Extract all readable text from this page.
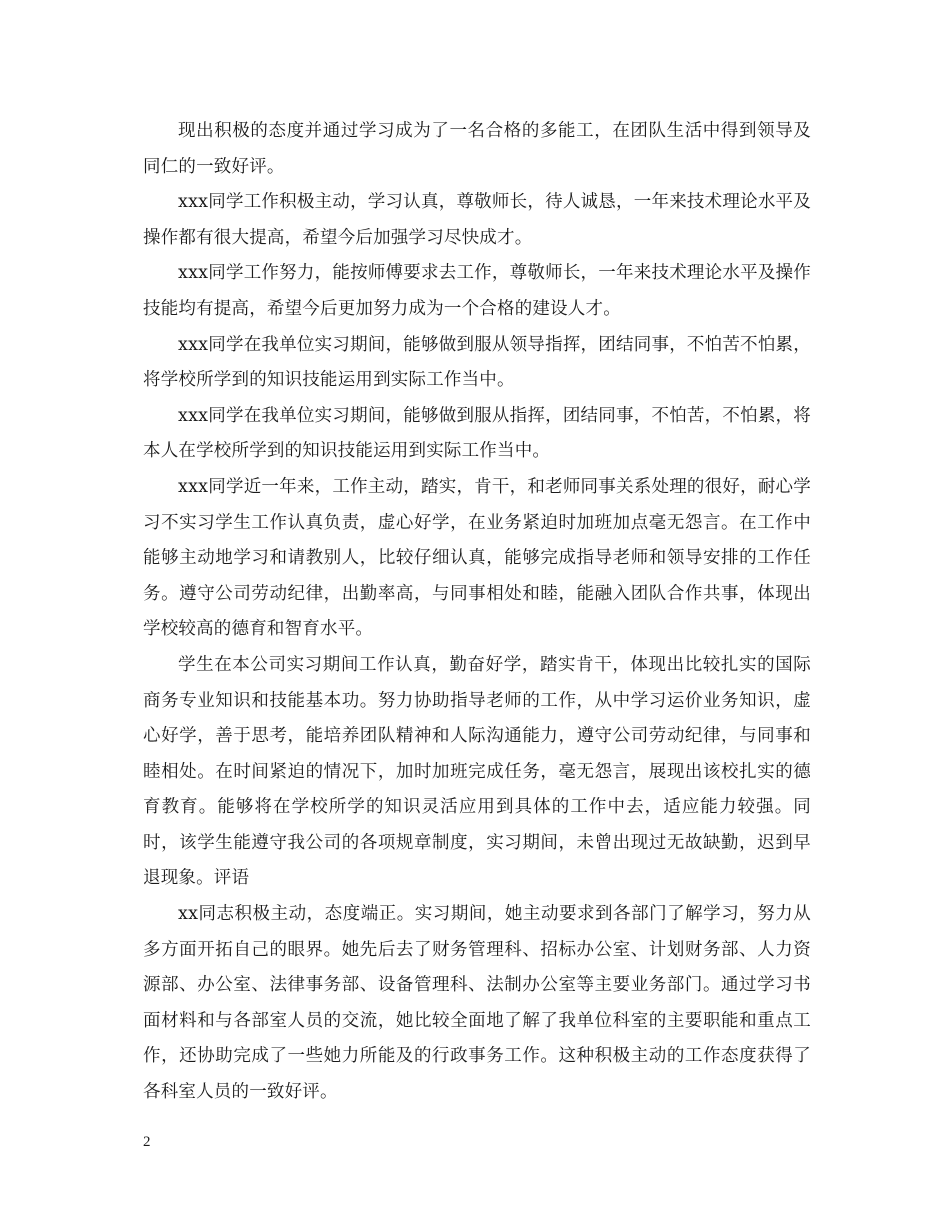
现出积极的态度并通过学习成为了一名合格的多能工，在团队生活中得到领导及同仁的一致好评。

xxx同学工作积极主动，学习认真，尊敬师长，待人诚恳，一年来技术理论水平及操作都有很大提高，希望今后加强学习尽快成才。

xxx同学工作努力，能按师傅要求去工作，尊敬师长，一年来技术理论水平及操作技能均有提高，希望今后更加努力成为一个合格的建设人才。

xxx同学在我单位实习期间，能够做到服从领导指挥，团结同事，不怕苦不怕累，将学校所学到的知识技能运用到实际工作当中。

xxx同学在我单位实习期间，能够做到服从指挥，团结同事，不怕苦，不怕累，将本人在学校所学到的知识技能运用到实际工作当中。

xxx同学近一年来，工作主动，踏实，肯干，和老师同事关系处理的很好，耐心学习不实习学生工作认真负责，虚心好学，在业务紧迫时加班加点毫无怨言。在工作中能够主动地学习和请教别人，比较仔细认真，能够完成指导老师和领导安排的工作任务。遵守公司劳动纪律，出勤率高，与同事相处和睦，能融入团队合作共事，体现出学校较高的德育和智育水平。

学生在本公司实习期间工作认真，勤奋好学，踏实肯干，体现出比较扎实的国际商务专业知识和技能基本功。努力协助指导老师的工作，从中学习运价业务知识，虚心好学，善于思考，能培养团队精神和人际沟通能力，遵守公司劳动纪律，与同事和睦相处。在时间紧迫的情况下，加时加班完成任务，毫无怨言，展现出该校扎实的德育教育。能够将在学校所学的知识灵活应用到具体的工作中去，适应能力较强。同时，该学生能遵守我公司的各项规章制度，实习期间，未曾出现过无故缺勤，迟到早退现象。评语

xx同志积极主动，态度端正。实习期间，她主动要求到各部门了解学习，努力从多方面开拓自己的眼界。她先后去了财务管理科、招标办公室、计划财务部、人力资源部、办公室、法律事务部、设备管理科、法制办公室等主要业务部门。通过学习书面材料和与各部室人员的交流，她比较全面地了解了我单位科室的主要职能和重点工作，还协助完成了一些她力所能及的行政事务工作。这种积极主动的工作态度获得了各科室人员的一致好评。

2
